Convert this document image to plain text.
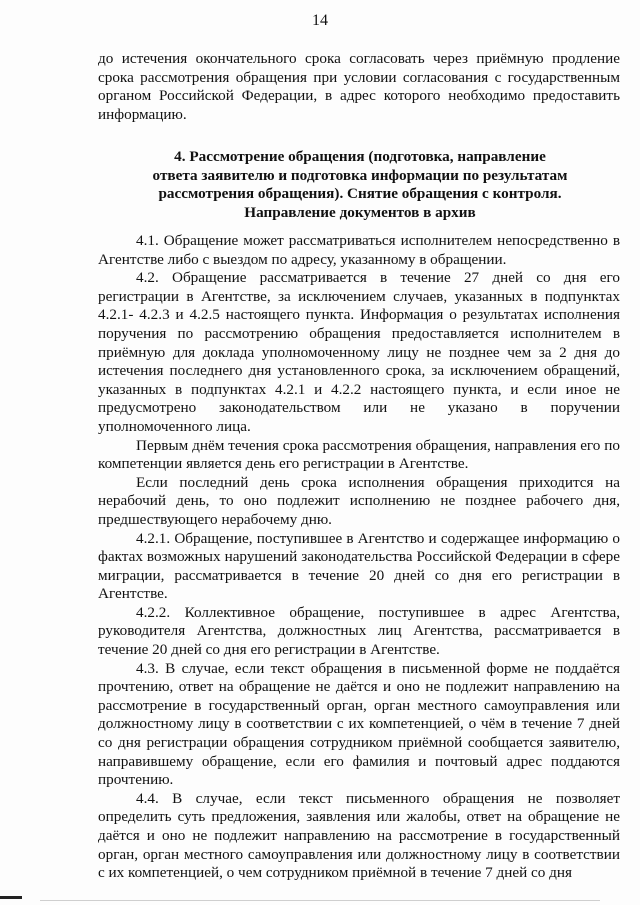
14

до истечения окончательного срока согласовать через приёмную продление срока рассмотрения обращения при условии согласования с государственным органом Российской Федерации, в адрес которого необходимо предоставить информацию.

4. Рассмотрение обращения (подготовка, направление
ответа заявителю и подготовка информации по результатам
рассмотрения обращения). Снятие обращения с контроля.
Направление документов в архив

4.1. Обращение может рассматриваться исполнителем непосредственно в Агентстве либо с выездом по адресу, указанному в обращении.

4.2. Обращение рассматривается в течение 27 дней со дня его регистрации в Агентстве, за исключением случаев, указанных в подпунктах 4.2.1- 4.2.3 и 4.2.5 настоящего пункта. Информация о результатах исполнения поручения по рассмотрению обращения предоставляется исполнителем в приёмную для доклада уполномоченному лицу не позднее чем за 2 дня до истечения последнего дня установленного срока, за исключением обращений, указанных в подпунктах 4.2.1 и 4.2.2 настоящего пункта, и если иное не предусмотрено законодательством или не указано в поручении уполномоченного лица.

Первым днём течения срока рассмотрения обращения, направления его по компетенции является день его регистрации в Агентстве.

Если последний день срока исполнения обращения приходится на нерабочий день, то оно подлежит исполнению не позднее рабочего дня, предшествующего нерабочему дню.

4.2.1. Обращение, поступившее в Агентство и содержащее информацию о фактах возможных нарушений законодательства Российской Федерации в сфере миграции, рассматривается в течение 20 дней со дня его регистрации в Агентстве.

4.2.2. Коллективное обращение, поступившее в адрес Агентства, руководителя Агентства, должностных лиц Агентства, рассматривается в течение 20 дней со дня его регистрации в Агентстве.

4.3. В случае, если текст обращения в письменной форме не поддаётся прочтению, ответ на обращение не даётся и оно не подлежит направлению на рассмотрение в государственный орган, орган местного самоуправления или должностному лицу в соответствии с их компетенцией, о чём в течение 7 дней со дня регистрации обращения сотрудником приёмной сообщается заявителю, направившему обращение, если его фамилия и почтовый адрес поддаются прочтению.

4.4. В случае, если текст письменного обращения не позволяет определить суть предложения, заявления или жалобы, ответ на обращение не даётся и оно не подлежит направлению на рассмотрение в государственный орган, орган местного самоуправления или должностному лицу в соответствии с их компетенцией, о чем сотрудником приёмной в течение 7 дней со дня
